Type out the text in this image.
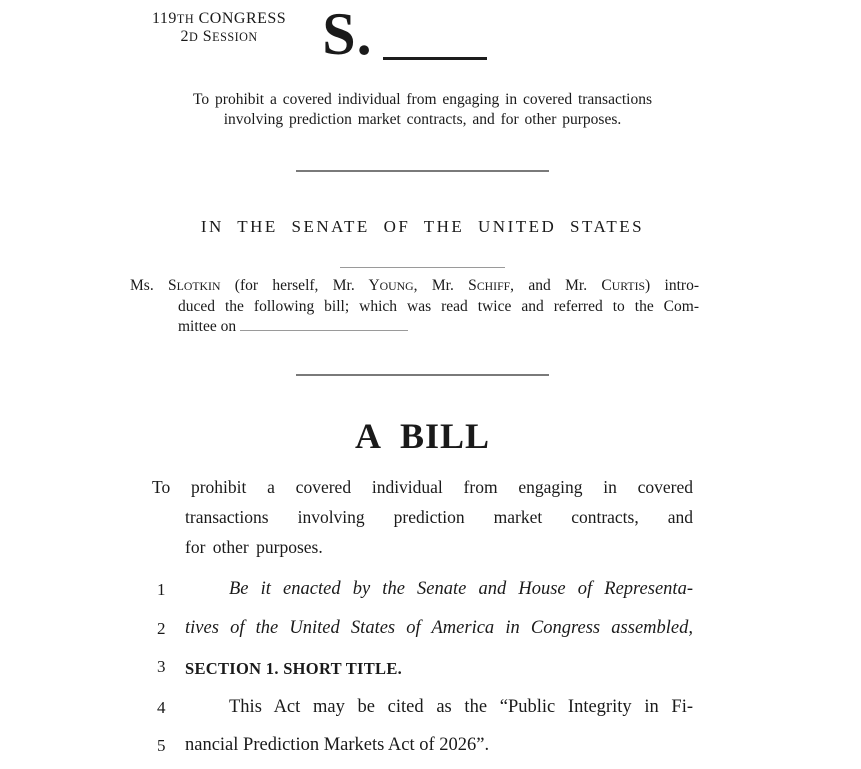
119TH CONGRESS
2D SESSION	S.

To prohibit a covered individual from engaging in covered transactions involving prediction market contracts, and for other purposes.

IN THE SENATE OF THE UNITED STATES
Ms. SLOTKIN (for herself, Mr. YOUNG, Mr. SCHIFF, and Mr. CURTIS) intro-
duced the following bill; which was read twice and referred to the Com-
mittee on
A BILL
To prohibit a covered individual from engaging in covered
transactions involving prediction market contracts, and
for other purposes.
1	Be it enacted by the Senate and House of Representa-
2	tives of the United States of America in Congress assembled,
3	SECTION 1. SHORT TITLE.
4	This Act may be cited as the “Public Integrity in Fi-
5	nancial Prediction Markets Act of 2026”.
